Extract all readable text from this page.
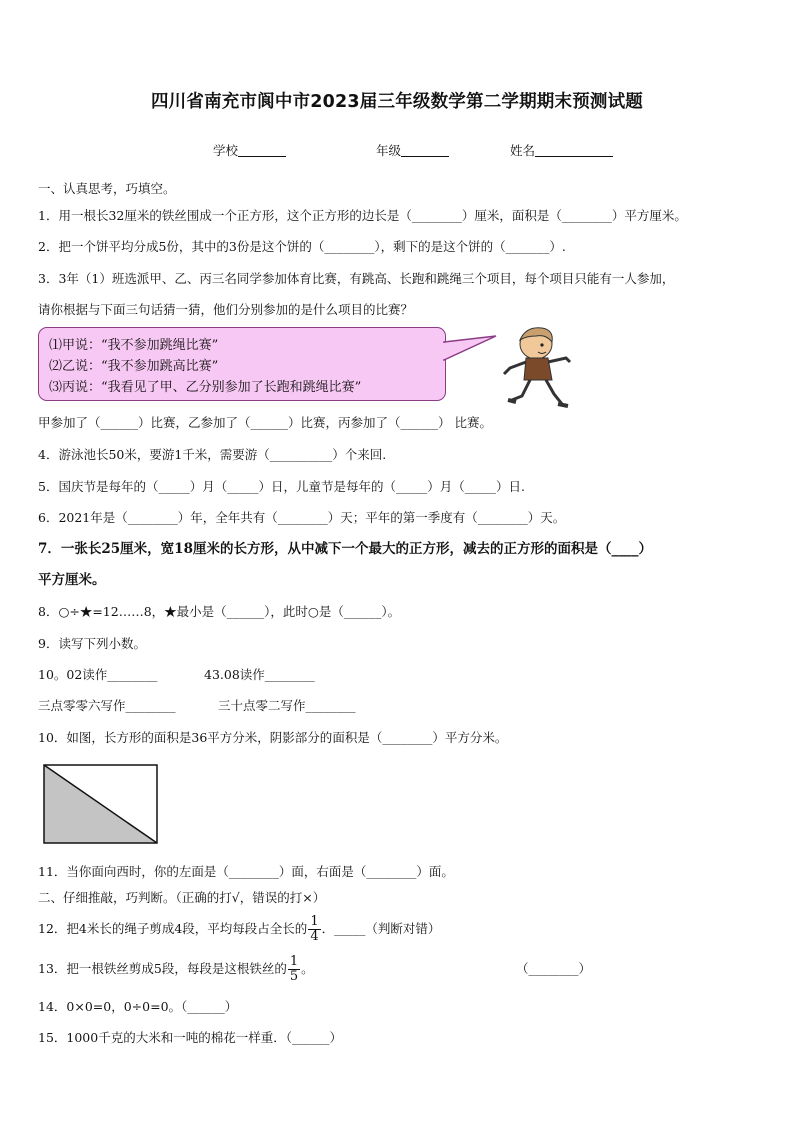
四川省南充市阆中市2023届三年级数学第二学期期末预测试题
学校	年级	姓名
一、认真思考，巧填空。
1．用一根长32厘米的铁丝围成一个正方形，这个正方形的边长是（________）厘米，面积是（________）平方厘米。
2．把一个饼平均分成5份，其中的3份是这个饼的（________），剩下的是这个饼的（_______）.
3．3年（1）班选派甲、乙、丙三名同学参加体育比赛，有跳高、长跑和跳绳三个项目，每个项目只能有一人参加，
请你根据与下面三句话猜一猜，他们分别参加的是什么项目的比赛？
⑴甲说：“我不参加跳绳比赛”
⑵乙说：“我不参加跳高比赛”
⑶丙说：“我看见了甲、乙分别参加了长跑和跳绳比赛”
甲参加了（______）比赛，乙参加了（______）比赛，丙参加了（______） 比赛。
4．游泳池长50米，要游1千米，需要游（__________）个来回.
5．国庆节是每年的（_____）月（_____）日，儿童节是每年的（_____）月（_____）日.
6．2021年是（________）年，全年共有（________）天；平年的第一季度有（________）天。
7．一张长25厘米，宽18厘米的长方形，从中减下一个最大的正方形，减去的正方形的面积是（____）
平方厘米。
8．○÷★=12……8，★最小是（______），此时○是（______）。
9．读写下列小数。
10。02读作________	43.08读作________
三点零零六写作________	三十点零二写作________
10．如图，长方形的面积是36平方分米，阴影部分的面积是（________）平方分米。
11．当你面向西时，你的左面是（________）面，右面是（________）面。
二、仔细推敲，巧判断。（正确的打√，错误的打×）
12．把4米长的绳子剪成4段，平均每段占全长的 $\frac{1}{4}$ ．_____（判断对错）
13．把一根铁丝剪成5段，每段是这根铁丝的 $\frac{1}{5}$ 。	（________）
14．0×0=0，0÷0=0。（______）
15．1000千克的大米和一吨的棉花一样重．（______）
